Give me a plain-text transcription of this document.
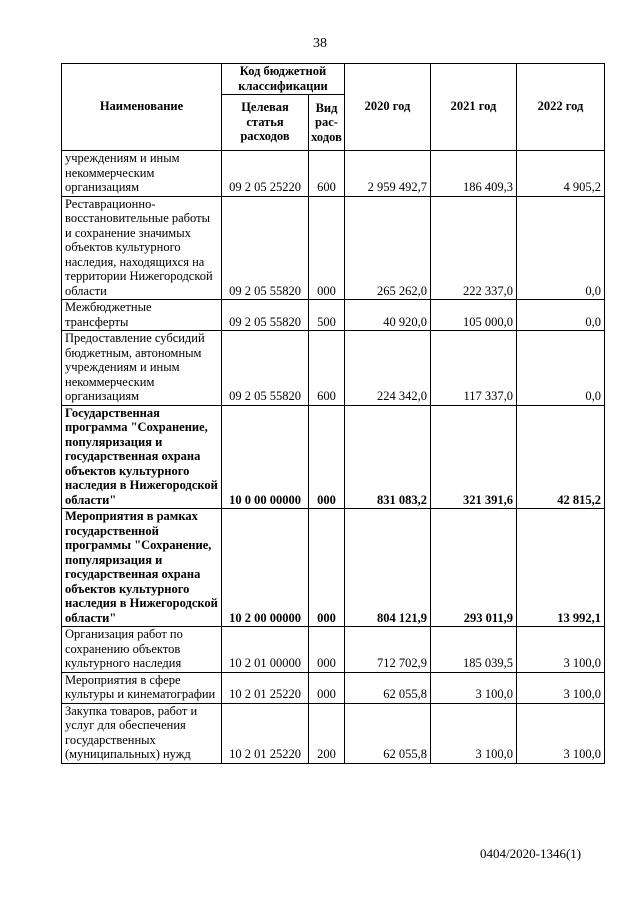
38
Наименование	Код бюджетной классификации		2020 год	2021 год	2022 год
	Целевая статья расходов	Вид рас-ходов			
учреждениям и иным некоммерческим организациям	09 2 05 25220	600	2 959 492,7	186 409,3	4 905,2
Реставрационно-восстановительные работы и сохранение значимых объектов культурного наследия, находящихся на территории Нижегородской области	09 2 05 55820	000	265 262,0	222 337,0	0,0
Межбюджетные трансферты	09 2 05 55820	500	40 920,0	105 000,0	0,0
Предоставление субсидий бюджетным, автономным учреждениям и иным некоммерческим организациям	09 2 05 55820	600	224 342,0	117 337,0	0,0
Государственная программа "Сохранение, популяризация и государственная охрана объектов культурного наследия в Нижегородской области"	10 0 00 00000	000	831 083,2	321 391,6	42 815,2
Мероприятия в рамках государственной программы "Сохранение, популяризация и государственная охрана объектов культурного наследия в Нижегородской области"	10 2 00 00000	000	804 121,9	293 011,9	13 992,1
Организация работ по сохранению объектов культурного наследия	10 2 01 00000	000	712 702,9	185 039,5	3 100,0
Мероприятия в сфере культуры и кинематографии	10 2 01 25220	000	62 055,8	3 100,0	3 100,0
Закупка товаров, работ и услуг для обеспечения государственных (муниципальных) нужд	10 2 01 25220	200	62 055,8	3 100,0	3 100,0
0404/2020-1346(1)
